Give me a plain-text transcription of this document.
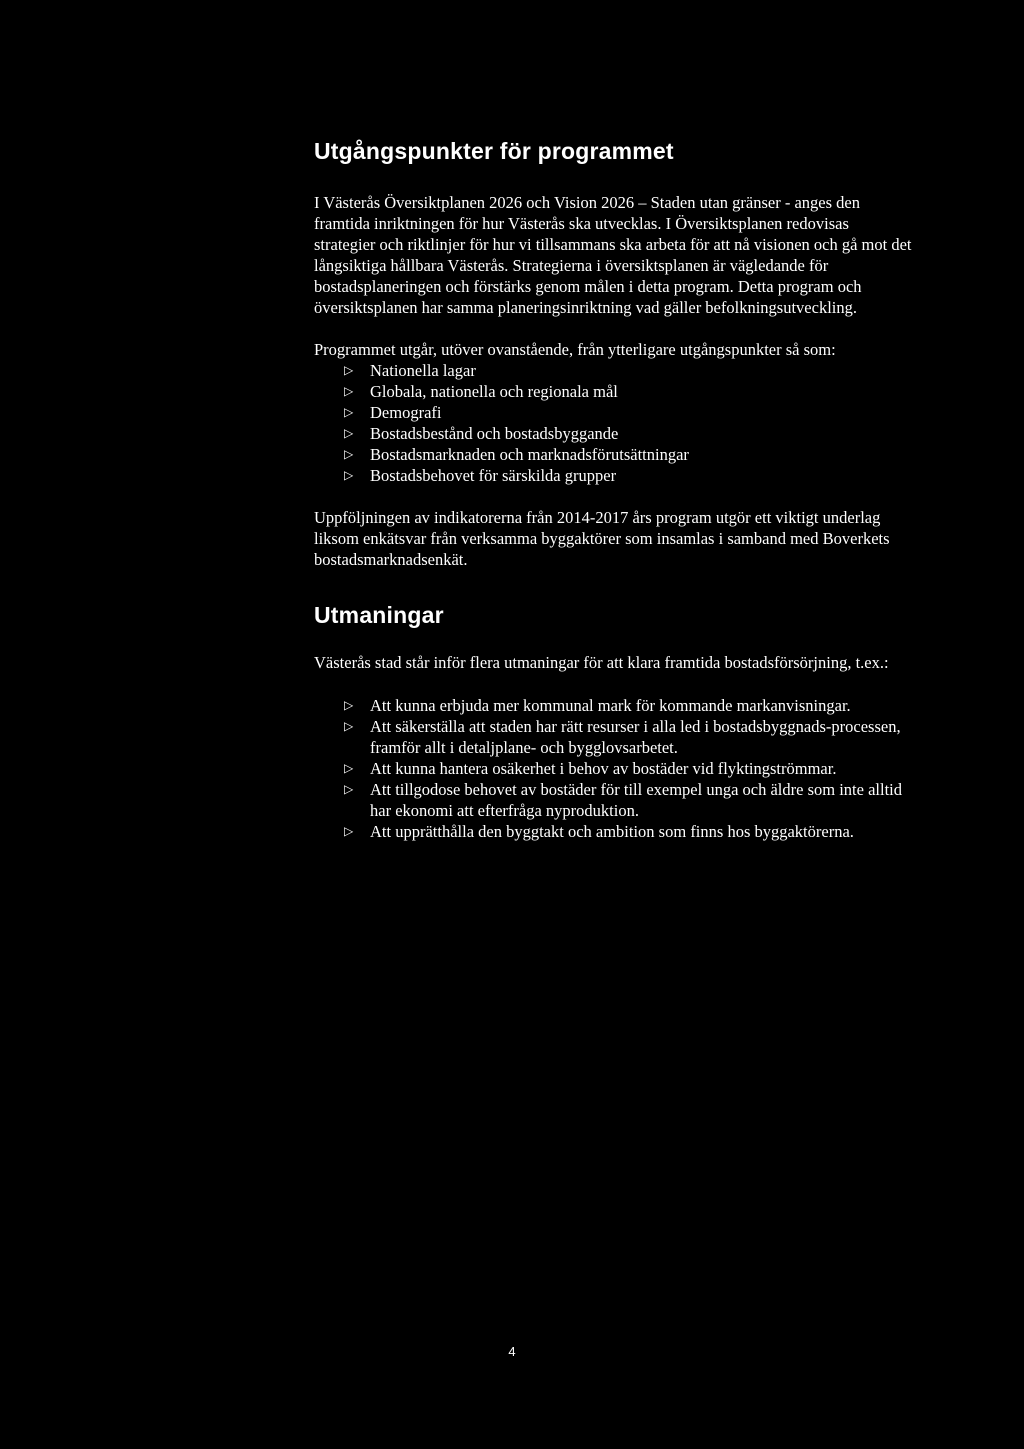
Utgångspunkter för programmet

I Västerås Översiktplanen 2026 och Vision 2026 – Staden utan gränser - anges den framtida inriktningen för hur Västerås ska utvecklas. I Översiktsplanen redovisas strategier och riktlinjer för hur vi tillsammans ska arbeta för att nå visionen och gå mot det långsiktiga hållbara Västerås. Strategierna i översiktsplanen är vägledande för bostadsplaneringen och förstärks genom målen i detta program. Detta program och översiktsplanen har samma planeringsinriktning vad gäller befolkningsutveckling.

Programmet utgår, utöver ovanstående, från ytterligare utgångspunkter så som:

▷	Nationella lagar
▷	Globala, nationella och regionala mål
▷	Demografi
▷	Bostadsbestånd och bostadsbyggande
▷	Bostadsmarknaden och marknadsförutsättningar
▷	Bostadsbehovet för särskilda grupper

Uppföljningen av indikatorerna från 2014-2017 års program utgör ett viktigt underlag liksom enkätsvar från verksamma byggaktörer som insamlas i samband med Boverkets bostadsmarknadsenkät.

Utmaningar

Västerås stad står inför flera utmaningar för att klara framtida bostadsförsörjning, t.ex.:

▷	Att kunna erbjuda mer kommunal mark för kommande markanvisningar.
▷	Att säkerställa att staden har rätt resurser i alla led i bostadsbyggnads-processen, framför allt i detaljplane- och bygglovsarbetet.
▷	Att kunna hantera osäkerhet i behov av bostäder vid flyktingströmmar.
▷	Att tillgodose behovet av bostäder för till exempel unga och äldre som inte alltid har ekonomi att efterfråga nyproduktion.
▷	Att upprätthålla den byggtakt och ambition som finns hos byggaktörerna.
4
